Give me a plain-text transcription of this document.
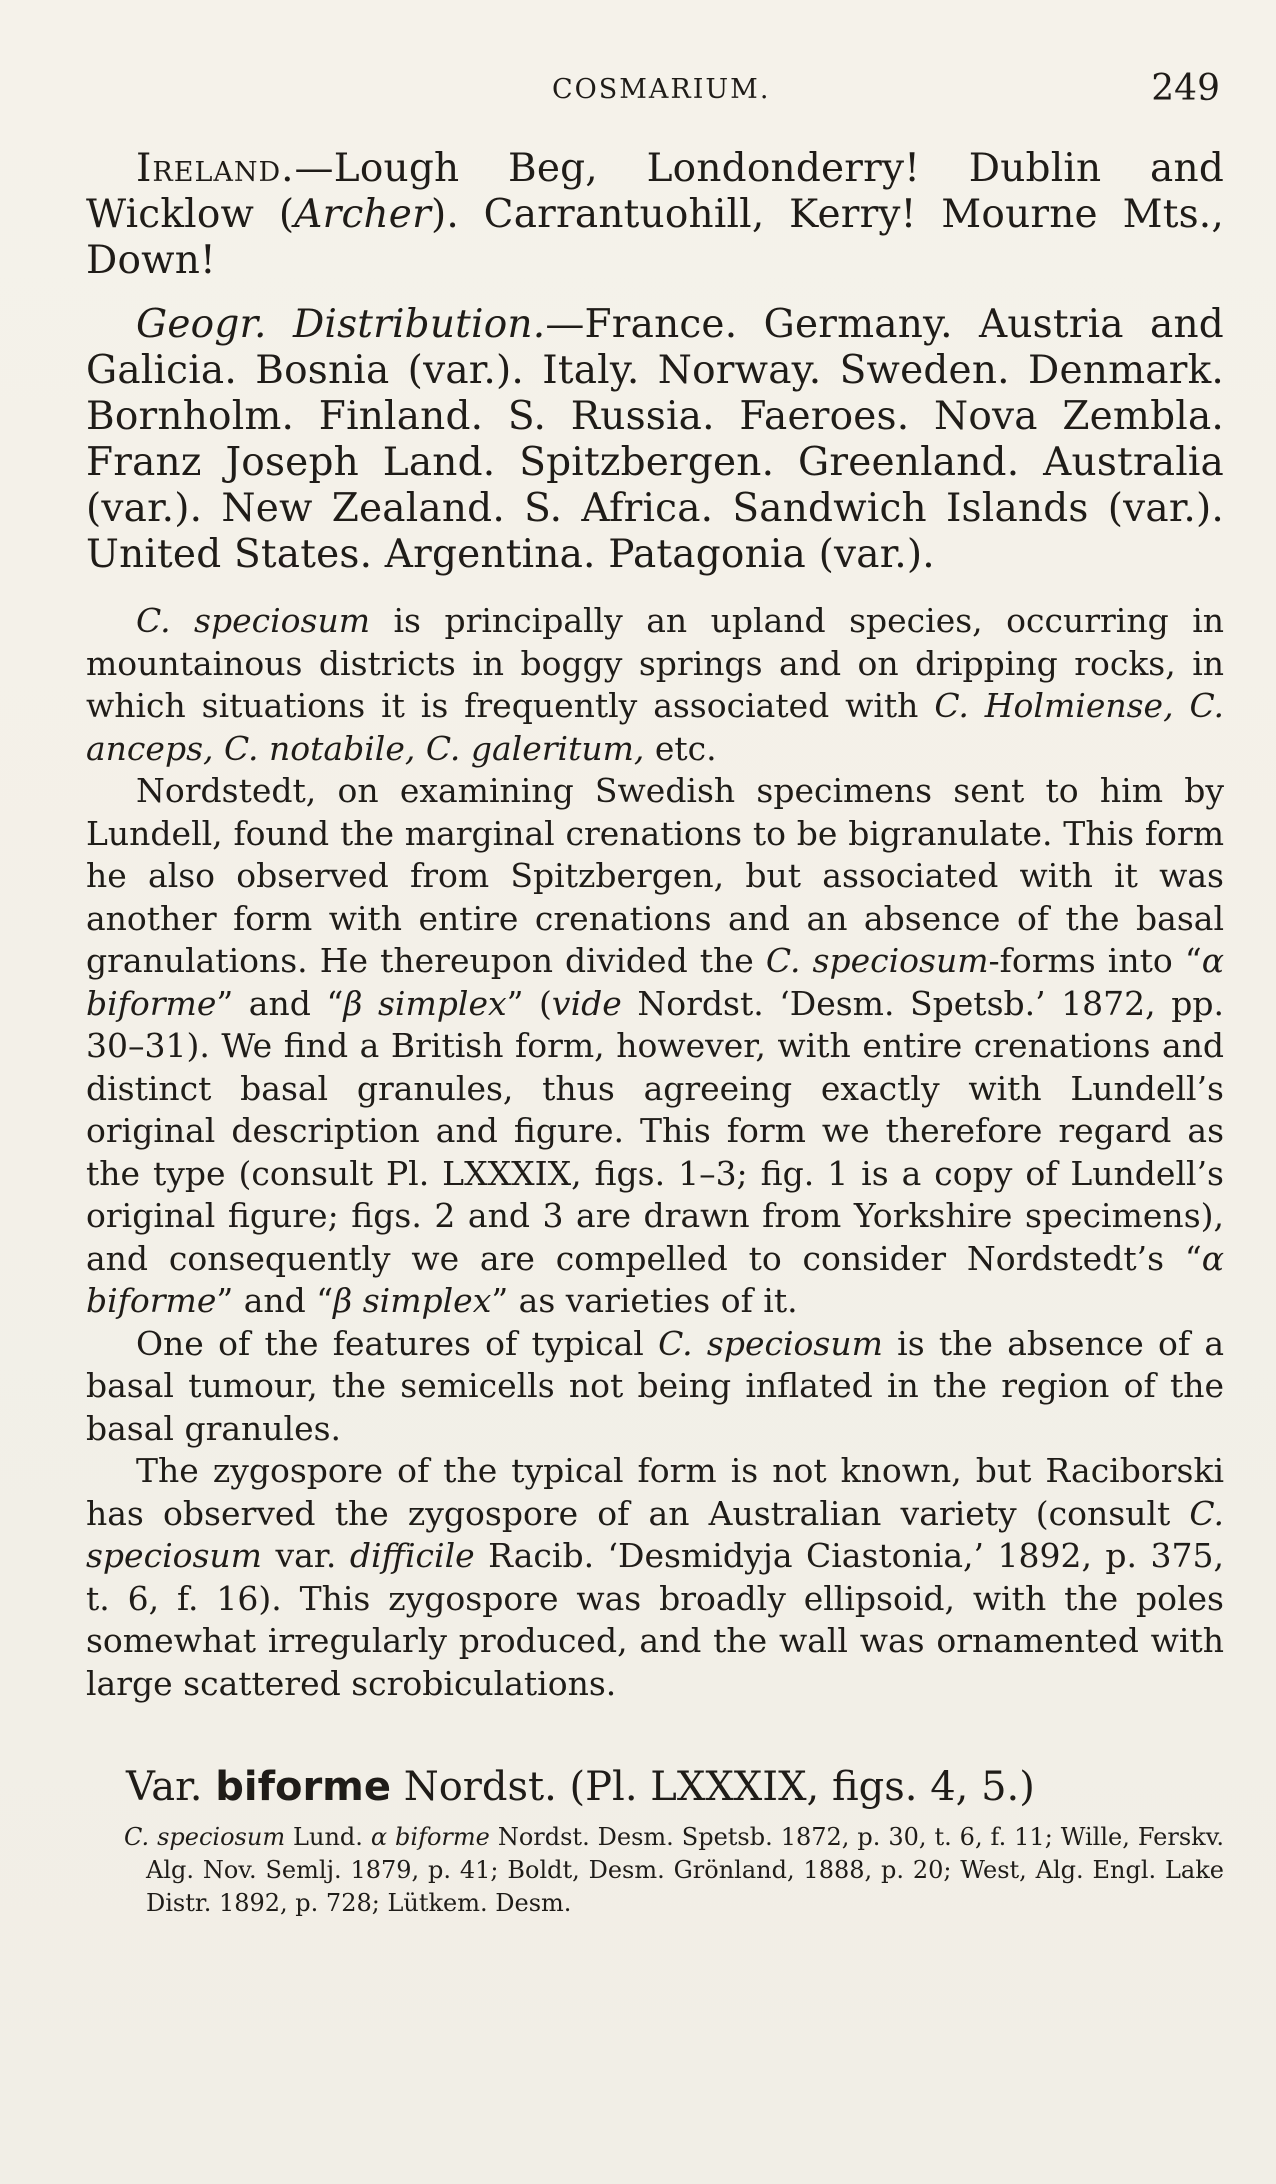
COSMARIUM.	249

Ireland.—Lough Beg, Londonderry! Dublin and Wicklow (Archer). Carrantuohill, Kerry! Mourne Mts., Down!

Geogr. Distribution.—France. Germany. Austria and Galicia. Bosnia (var.). Italy. Norway. Sweden. Denmark. Bornholm. Finland. S. Russia. Faeroes. Nova Zembla. Franz Joseph Land. Spitzbergen. Greenland. Australia (var.). New Zealand. S. Africa. Sandwich Islands (var.). United States. Argentina. Patagonia (var.).

C. speciosum is principally an upland species, occurring in mountainous districts in boggy springs and on dripping rocks, in which situations it is frequently associated with C. Holmiense, C. anceps, C. notabile, C. galeritum, etc.

Nordstedt, on examining Swedish specimens sent to him by Lundell, found the marginal crenations to be bigranulate. This form he also observed from Spitzbergen, but associated with it was another form with entire crenations and an absence of the basal granulations. He thereupon divided the C. speciosum-forms into “α biforme” and “β simplex” (vide Nordst. ‘Desm. Spetsb.’ 1872, pp. 30–31). We find a British form, however, with entire crenations and distinct basal granules, thus agreeing exactly with Lundell’s original description and figure. This form we therefore regard as the type (consult Pl. LXXXIX, figs. 1–3; fig. 1 is a copy of Lundell’s original figure; figs. 2 and 3 are drawn from Yorkshire specimens), and consequently we are compelled to consider Nordstedt’s “α biforme” and “β simplex” as varieties of it.

One of the features of typical C. speciosum is the absence of a basal tumour, the semicells not being inflated in the region of the basal granules.

The zygospore of the typical form is not known, but Raciborski has observed the zygospore of an Australian variety (consult C. speciosum var. difficile Racib. ‘Desmidyja Ciastonia,’ 1892, p. 375, t. 6, f. 16). This zygospore was broadly ellipsoid, with the poles somewhat irregularly produced, and the wall was ornamented with large scattered scrobiculations.

Var. biforme Nordst. (Pl. LXXXIX, figs. 4, 5.)

C. speciosum Lund. α biforme Nordst. Desm. Spetsb. 1872, p. 30, t. 6, f. 11; Wille, Ferskv. Alg. Nov. Semlj. 1879, p. 41; Boldt, Desm. Grönland, 1888, p. 20; West, Alg. Engl. Lake Distr. 1892, p. 728; Lütkem. Desm.
